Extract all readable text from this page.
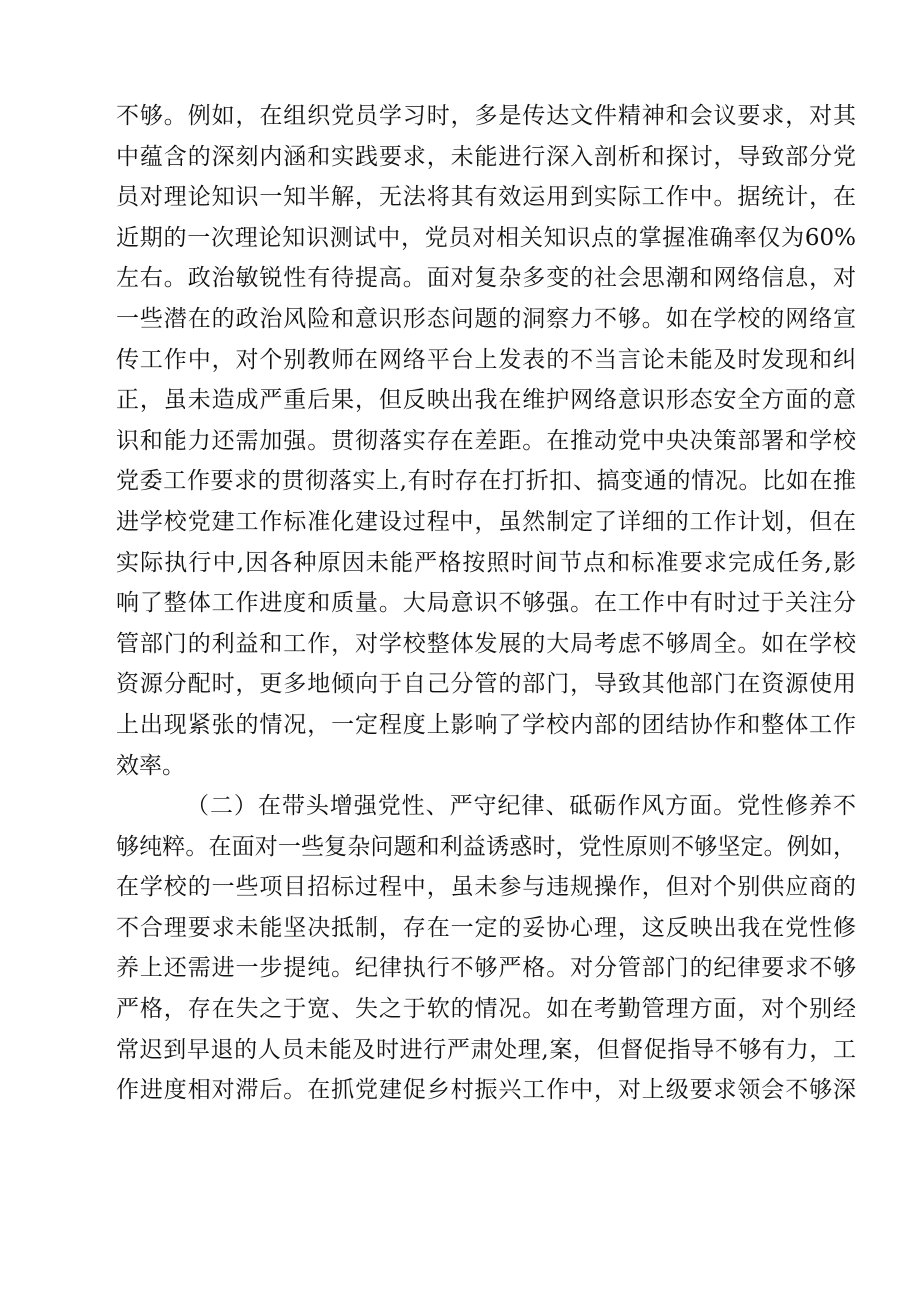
不够。例如，在组织党员学习时，多是传达文件精神和会议要求，对其
中蕴含的深刻内涵和实践要求，未能进行深入剖析和探讨，导致部分党
员对理论知识一知半解，无法将其有效运用到实际工作中。据统计，在
近期的一次理论知识测试中，党员对相关知识点的掌握准确率仅为60%
左右。政治敏锐性有待提高。面对复杂多变的社会思潮和网络信息，对
一些潜在的政治风险和意识形态问题的洞察力不够。如在学校的网络宣
传工作中，对个别教师在网络平台上发表的不当言论未能及时发现和纠
正，虽未造成严重后果，但反映出我在维护网络意识形态安全方面的意
识和能力还需加强。贯彻落实存在差距。在推动党中央决策部署和学校
党委工作要求的贯彻落实上,有时存在打折扣、搞变通的情况。比如在推
进学校党建工作标准化建设过程中，虽然制定了详细的工作计划，但在
实际执行中,因各种原因未能严格按照时间节点和标准要求完成任务,影
响了整体工作进度和质量。大局意识不够强。在工作中有时过于关注分
管部门的利益和工作，对学校整体发展的大局考虑不够周全。如在学校
资源分配时，更多地倾向于自己分管的部门，导致其他部门在资源使用
上出现紧张的情况，一定程度上影响了学校内部的团结协作和整体工作
效率。
（二）在带头增强党性、严守纪律、砥砺作风方面。党性修养不
够纯粹。在面对一些复杂问题和利益诱惑时，党性原则不够坚定。例如，
在学校的一些项目招标过程中，虽未参与违规操作，但对个别供应商的
不合理要求未能坚决抵制，存在一定的妥协心理，这反映出我在党性修
养上还需进一步提纯。纪律执行不够严格。对分管部门的纪律要求不够
严格，存在失之于宽、失之于软的情况。如在考勤管理方面，对个别经
常迟到早退的人员未能及时进行严肃处理,案，但督促指导不够有力，工
作进度相对滞后。在抓党建促乡村振兴工作中，对上级要求领会不够深
